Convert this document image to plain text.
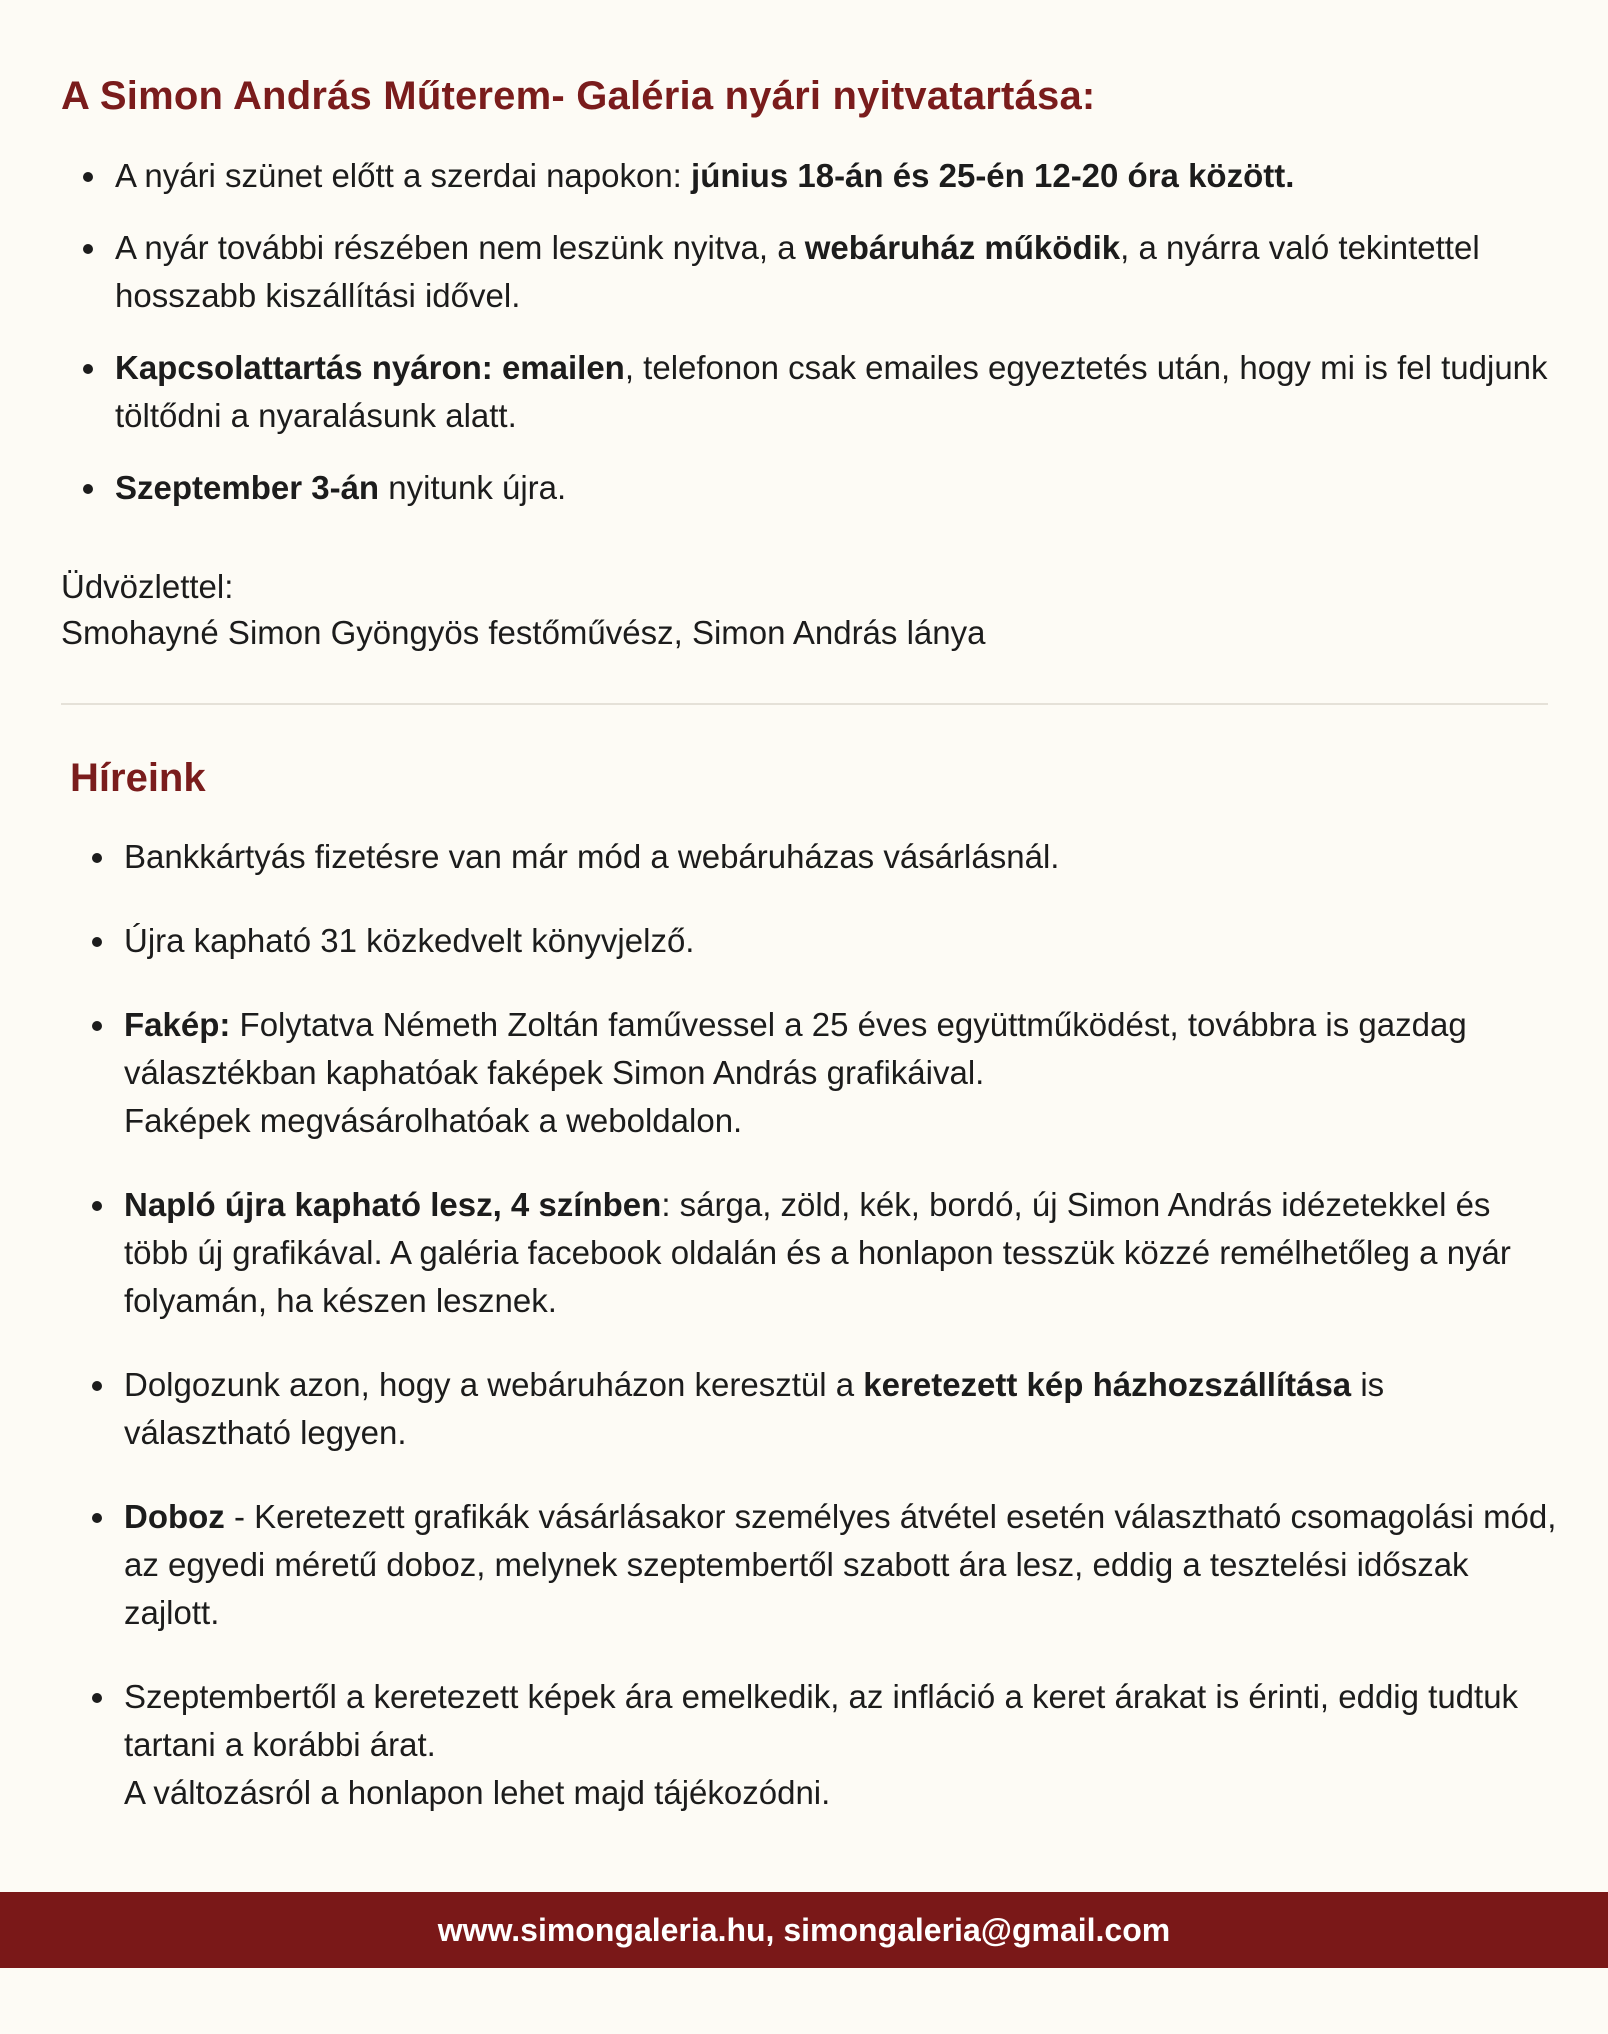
A Simon András Műterem- Galéria nyári nyitvatartása:
A nyári szünet előtt a szerdai napokon: június 18-án és 25-én 12-20 óra között.
A nyár további részében nem leszünk nyitva, a webáruház működik, a nyárra való tekintettel hosszabb kiszállítási idővel.
Kapcsolattartás nyáron: emailen, telefonon csak emailes egyeztetés után, hogy mi is fel tudjunk töltődni a nyaralásunk alatt.
Szeptember 3-án nyitunk újra.
Üdvözlettel:
Smohayné Simon Gyöngyös festőművész, Simon András lánya
Híreink
Bankkártyás fizetésre van már mód a webáruházas vásárlásnál.
Újra kapható 31 közkedvelt könyvjelző.
Fakép: Folytatva Németh Zoltán faművessel a 25 éves együttműködést, továbbra is gazdag választékban kaphatóak faképek Simon András grafikáival.
Faképek megvásárolhatóak a weboldalon.
Napló újra kapható lesz, 4 színben: sárga, zöld, kék, bordó, új Simon András idézetekkel és több új grafikával. A galéria facebook oldalán és a honlapon tesszük közzé remélhetőleg a nyár folyamán, ha készen lesznek.
Dolgozunk azon, hogy a webáruházon keresztül a keretezett kép házhozszállítása is választható legyen.
Doboz - Keretezett grafikák vásárlásakor személyes átvétel esetén választható csomagolási mód, az egyedi méretű doboz, melynek szeptembertől szabott ára lesz, eddig a tesztelési időszak zajlott.
Szeptembertől a keretezett képek ára emelkedik, az infláció a keret árakat is érinti, eddig tudtuk tartani a korábbi árat.
A változásról a honlapon lehet majd tájékozódni.
www.simongaleria.hu, simongaleria@gmail.com
